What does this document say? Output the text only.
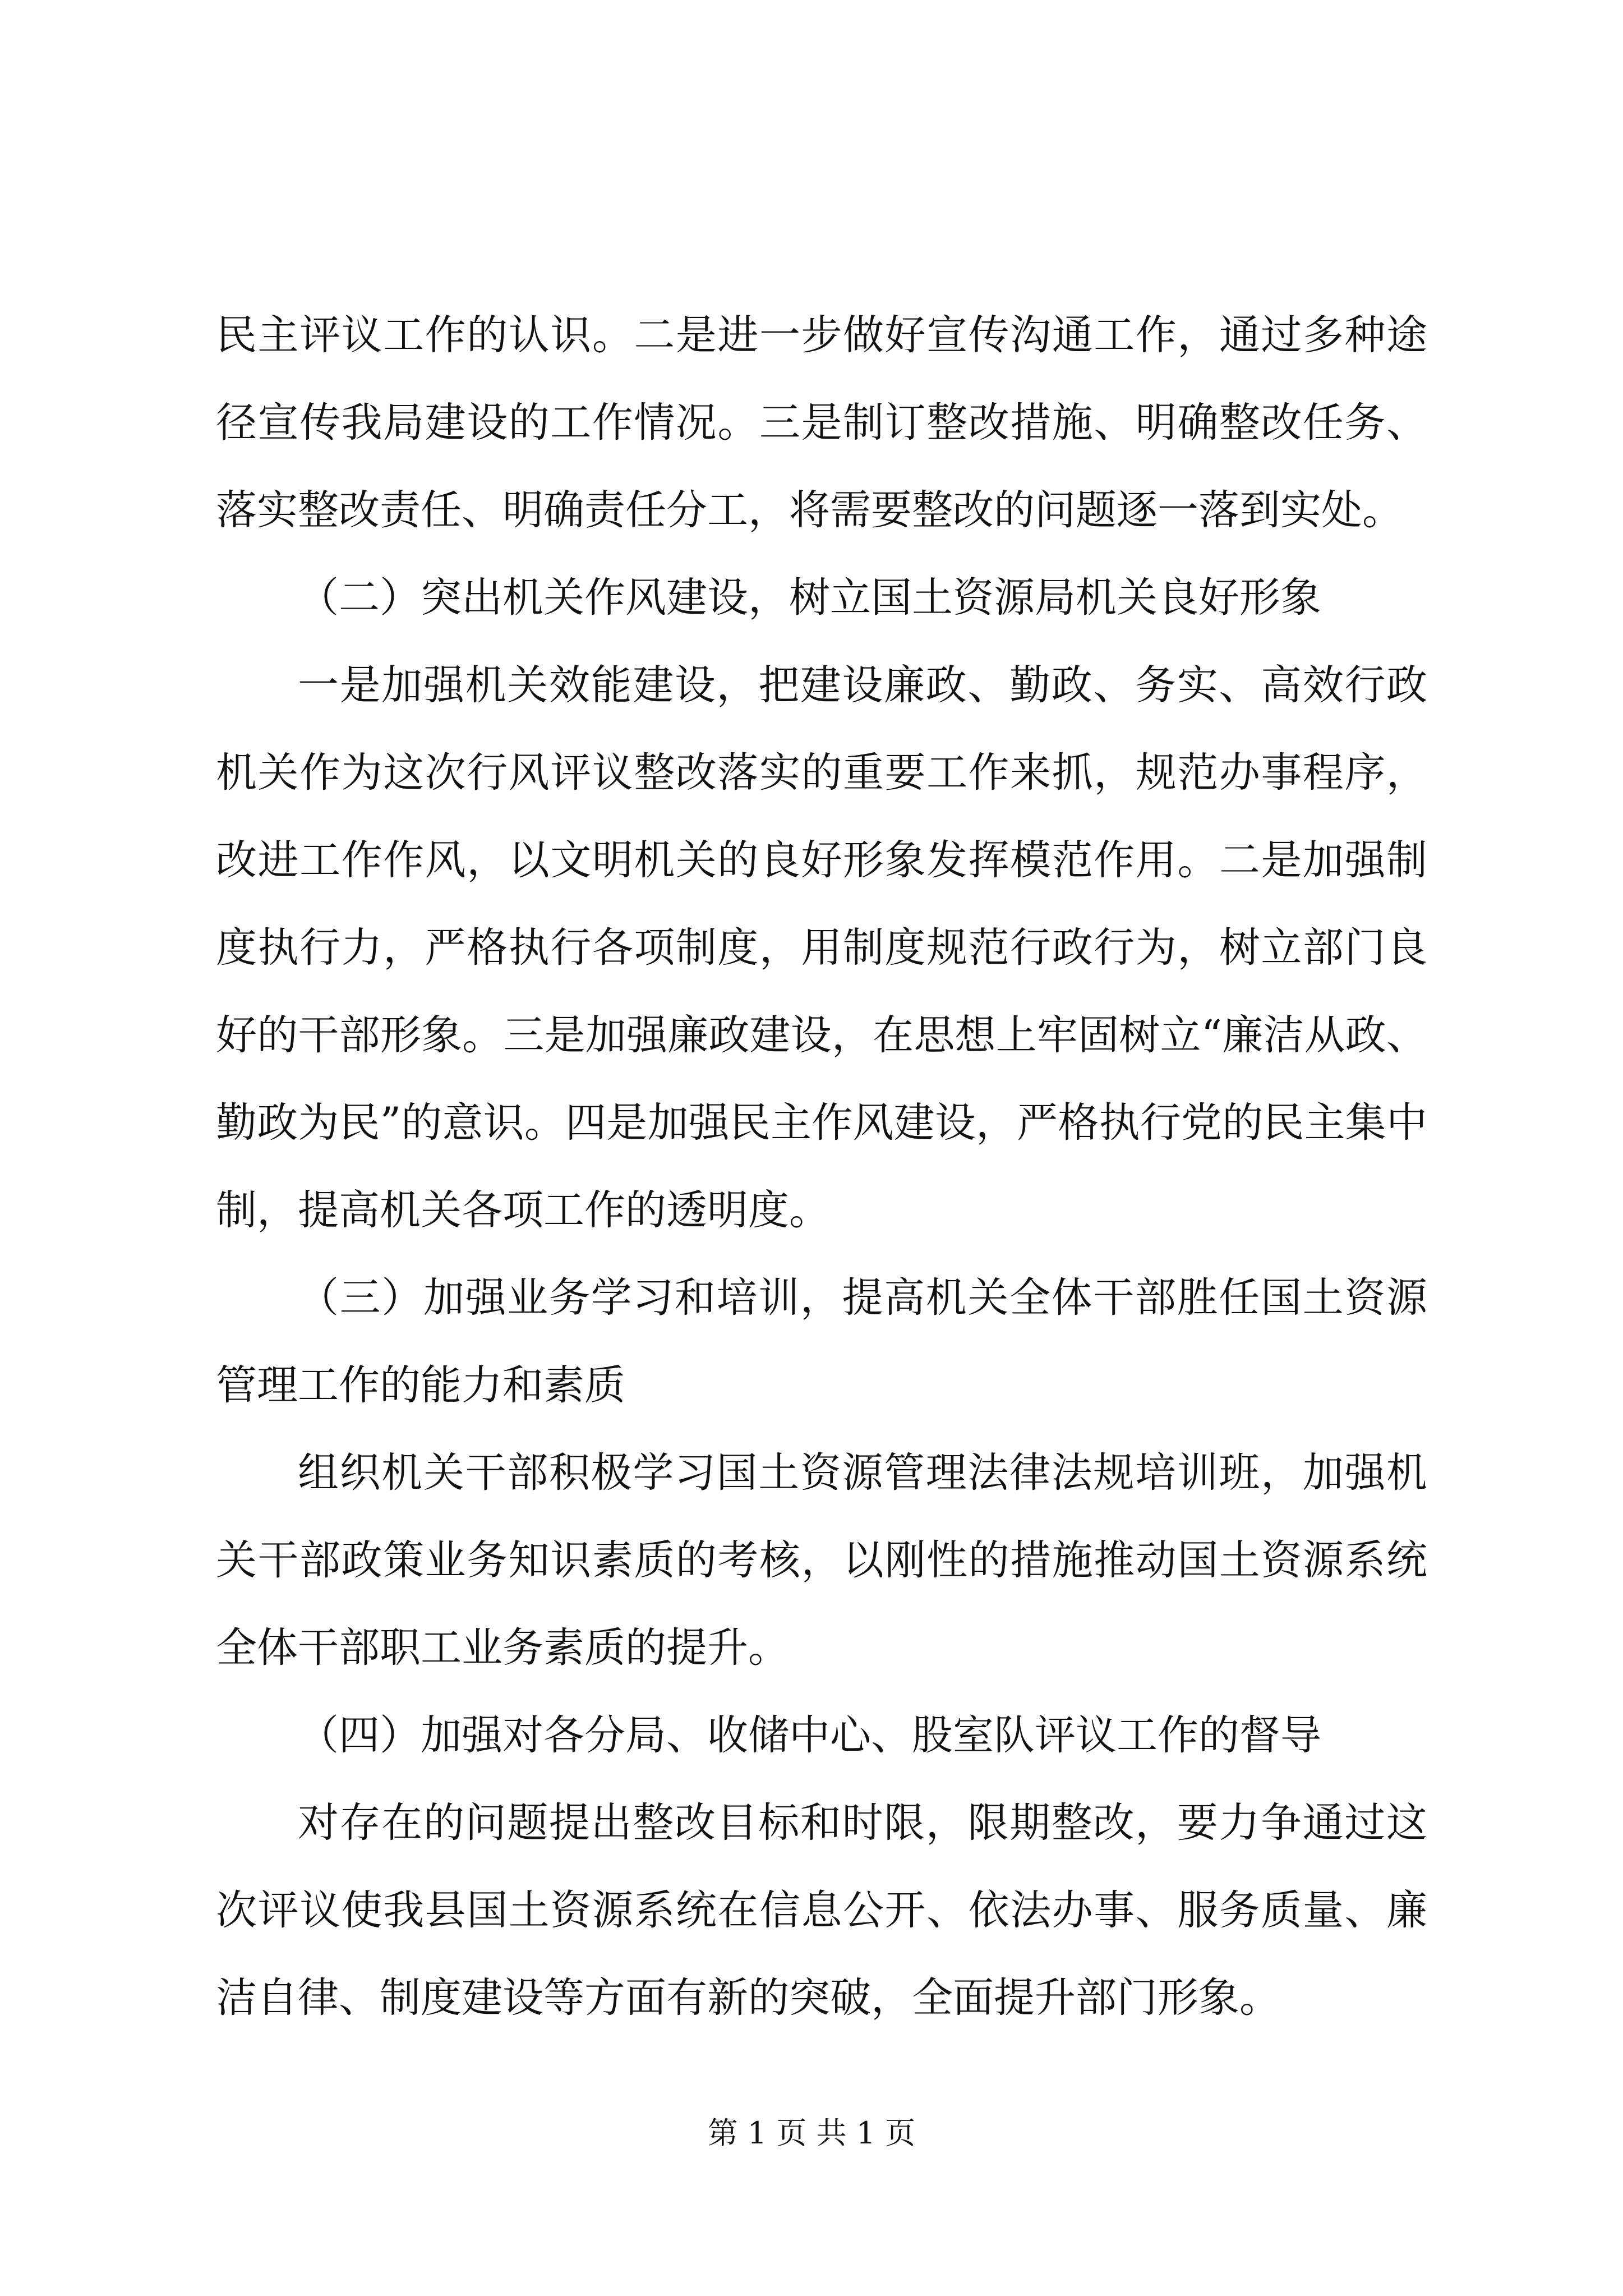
民主评议工作的认识。二是进一步做好宣传沟通工作，通过多种途径宣传我局建设的工作情况。三是制订整改措施、明确整改任务、落实整改责任、明确责任分工，将需要整改的问题逐一落到实处。

（二）突出机关作风建设，树立国土资源局机关良好形象

一是加强机关效能建设，把建设廉政、勤政、务实、高效行政机关作为这次行风评议整改落实的重要工作来抓，规范办事程序，改进工作作风，以文明机关的良好形象发挥模范作用。二是加强制度执行力，严格执行各项制度，用制度规范行政行为，树立部门良好的干部形象。三是加强廉政建设，在思想上牢固树立“廉洁从政、勤政为民”的意识。四是加强民主作风建设，严格执行党的民主集中制，提高机关各项工作的透明度。

（三）加强业务学习和培训，提高机关全体干部胜任国土资源管理工作的能力和素质

组织机关干部积极学习国土资源管理法律法规培训班，加强机关干部政策业务知识素质的考核，以刚性的措施推动国土资源系统全体干部职工业务素质的提升。

（四）加强对各分局、收储中心、股室队评议工作的督导

对存在的问题提出整改目标和时限，限期整改，要力争通过这次评议使我县国土资源系统在信息公开、依法办事、服务质量、廉洁自律、制度建设等方面有新的突破，全面提升部门形象。

第 1 页 共 1 页
